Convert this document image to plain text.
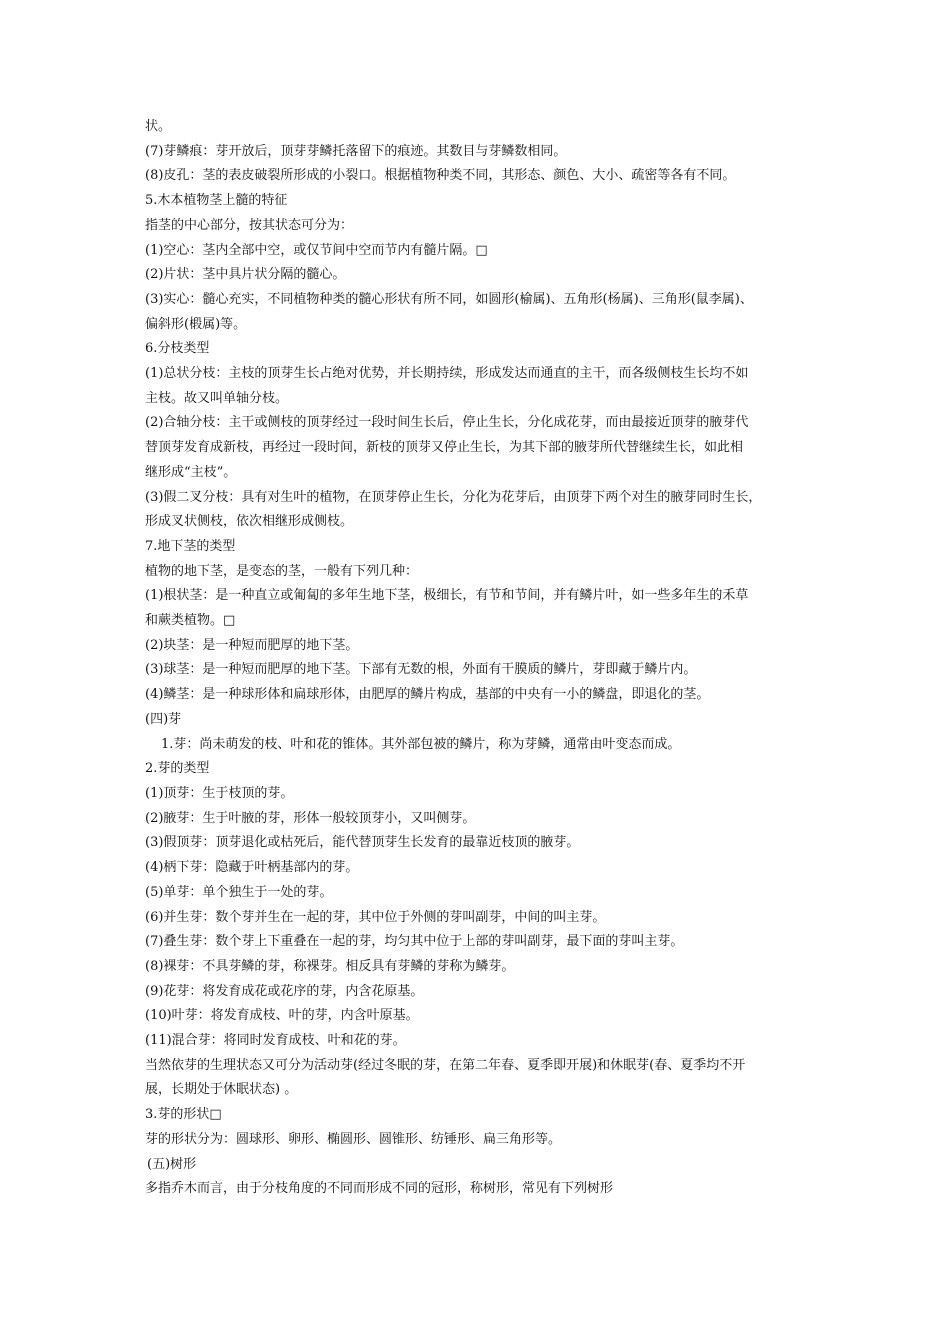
状。

(7)芽鳞痕：芽开放后，顶芽芽鳞托落留下的痕迹。其数目与芽鳞数相同。

(8)皮孔：茎的表皮破裂所形成的小裂口。根据植物种类不同，其形态、颜色、大小、疏密等各有不同。

5.木本植物茎上髓的特征

指茎的中心部分，按其状态可分为：

(1)空心：茎内全部中空，或仅节间中空而节内有髓片隔。□

(2)片状：茎中具片状分隔的髓心。

(3)实心：髓心充实，不同植物种类的髓心形状有所不同，如圆形(榆属)、五角形(杨属)、三角形(鼠李属)、

偏斜形(椴属)等。

6.分枝类型

(1)总状分枝：主枝的顶芽生长占绝对优势，并长期持续，形成发达而通直的主干，而各级侧枝生长均不如

主枝。故又叫单轴分枝。

(2)合轴分枝：主干或侧枝的顶芽经过一段时间生长后，停止生长，分化成花芽，而由最接近顶芽的腋芽代

替顶芽发育成新枝，再经过一段时间，新枝的顶芽又停止生长，为其下部的腋芽所代替继续生长，如此相

继形成“主枝”。

(3)假二叉分枝：具有对生叶的植物，在顶芽停止生长，分化为花芽后，由顶芽下两个对生的腋芽同时生长，

形成叉状侧枝，依次相继形成侧枝。

7.地下茎的类型

植物的地下茎，是变态的茎，一般有下列几种：

(1)根状茎：是一种直立或匍匐的多年生地下茎，极细长，有节和节间，并有鳞片叶，如一些多年生的禾草

和蕨类植物。□

(2)块茎：是一种短而肥厚的地下茎。

(3)球茎：是一种短而肥厚的地下茎。下部有无数的根，外面有干膜质的鳞片，芽即藏于鳞片内。

(4)鳞茎：是一种球形体和扁球形体，由肥厚的鳞片构成，基部的中央有一小的鳞盘，即退化的茎。

(四)芽

1.芽：尚未萌发的枝、叶和花的锥体。其外部包被的鳞片，称为芽鳞，通常由叶变态而成。

2.芽的类型

(1)顶芽：生于枝顶的芽。

(2)腋芽：生于叶腋的芽，形体一般较顶芽小，又叫侧芽。

(3)假顶芽：顶芽退化或枯死后，能代替顶芽生长发育的最靠近枝顶的腋芽。

(4)柄下芽：隐藏于叶柄基部内的芽。

(5)单芽：单个独生于一处的芽。

(6)并生芽：数个芽并生在一起的芽，其中位于外侧的芽叫副芽，中间的叫主芽。

(7)叠生芽：数个芽上下重叠在一起的芽，均匀其中位于上部的芽叫副芽，最下面的芽叫主芽。

(8)裸芽：不具芽鳞的芽，称裸芽。相反具有芽鳞的芽称为鳞芽。

(9)花芽：将发育成花或花序的芽，内含花原基。

(10)叶芽：将发育成枝、叶的芽，内含叶原基。

(11)混合芽：将同时发育成枝、叶和花的芽。

当然依芽的生理状态又可分为活动芽(经过冬眠的芽，在第二年春、夏季即开展)和休眠芽(春、夏季均不开

展，长期处于休眠状态) 。

3.芽的形状□

芽的形状分为：圆球形、卵形、椭圆形、圆锥形、纺锤形、扁三角形等。

(五)树形

多指乔木而言，由于分枝角度的不同而形成不同的冠形，称树形，常见有下列树形
